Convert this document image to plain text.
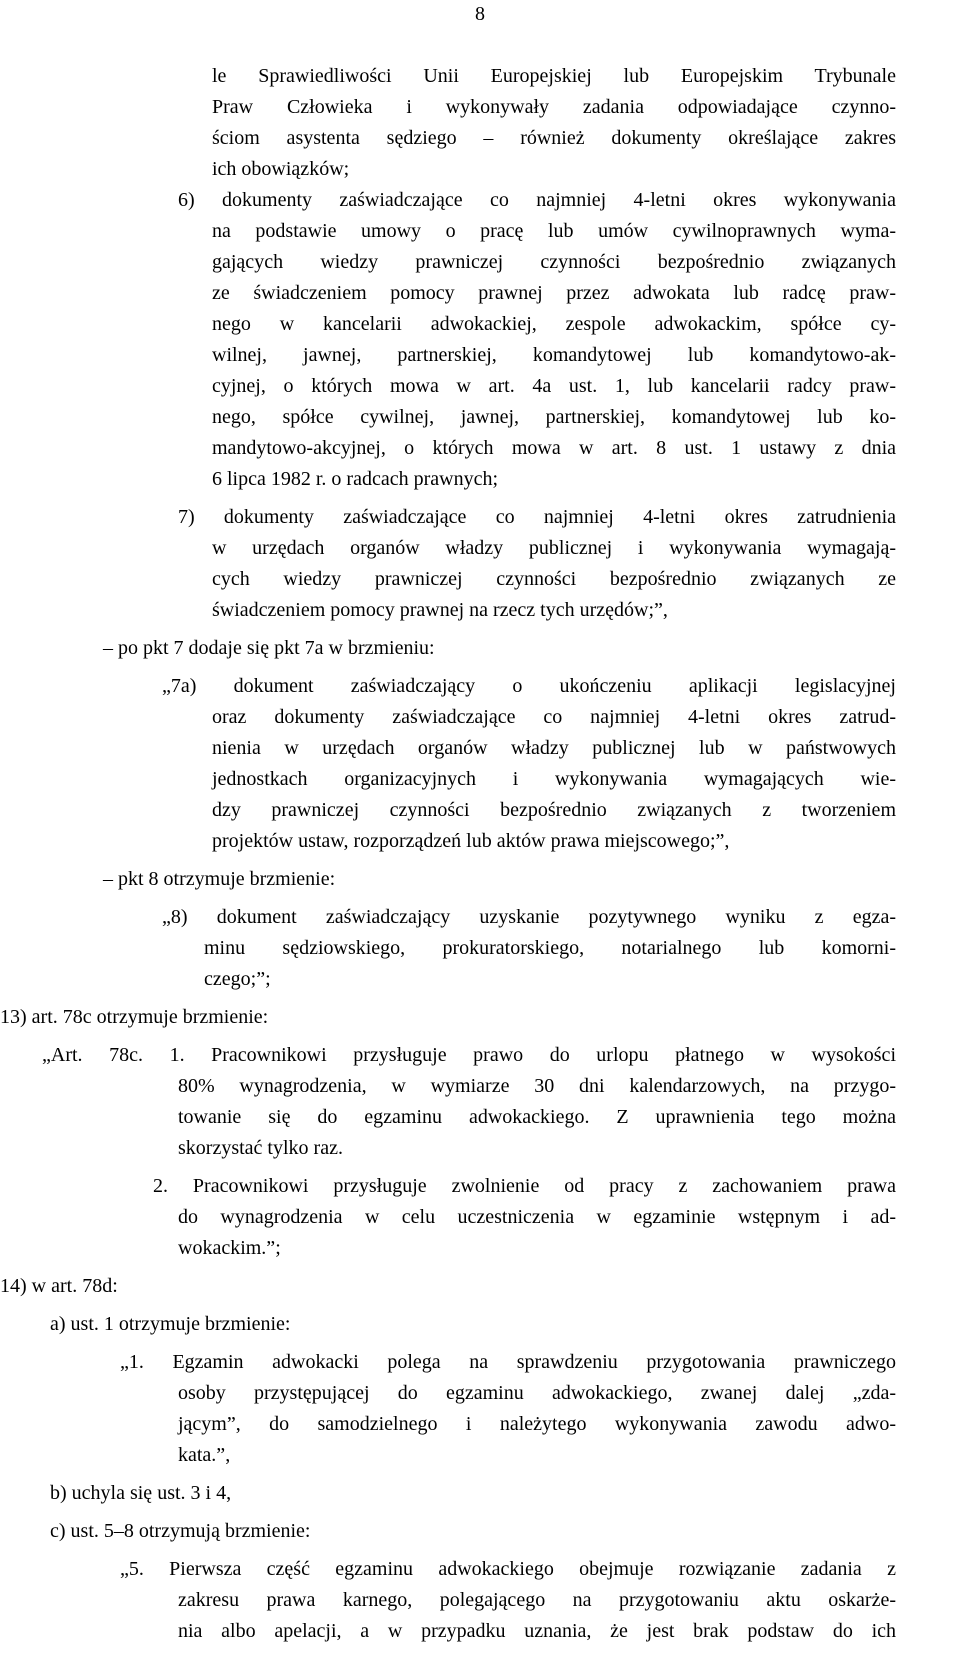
8

le Sprawiedliwości Unii Europejskiej lub Europejskim Trybunale

Praw Człowieka i wykonywały zadania odpowiadające czynno-

ściom asystenta sędziego – również dokumenty określające zakres

ich obowiązków;

6) dokumenty zaświadczające co najmniej 4-letni okres wykonywania

na podstawie umowy o pracę lub umów cywilnoprawnych wyma-

gających wiedzy prawniczej czynności bezpośrednio związanych

ze świadczeniem pomocy prawnej przez adwokata lub radcę praw-

nego w kancelarii adwokackiej, zespole adwokackim, spółce cy-

wilnej, jawnej, partnerskiej, komandytowej lub komandytowo-ak-

cyjnej, o których mowa w art. 4a ust. 1, lub kancelarii radcy praw-

nego, spółce cywilnej, jawnej, partnerskiej, komandytowej lub ko-

mandytowo-akcyjnej, o których mowa w art. 8 ust. 1 ustawy z dnia

6 lipca 1982 r. o radcach prawnych;

7) dokumenty zaświadczające co najmniej 4-letni okres zatrudnienia

w urzędach organów władzy publicznej i wykonywania wymagają-

cych wiedzy prawniczej czynności bezpośrednio związanych ze

świadczeniem pomocy prawnej na rzecz tych urzędów;”,

– po pkt 7 dodaje się pkt 7a w brzmieniu:

„7a) dokument zaświadczający o ukończeniu aplikacji legislacyjnej

oraz dokumenty zaświadczające co najmniej 4-letni okres zatrud-

nienia w urzędach organów władzy publicznej lub w państwowych

jednostkach organizacyjnych i wykonywania wymagających wie-

dzy prawniczej czynności bezpośrednio związanych z tworzeniem

projektów ustaw, rozporządzeń lub aktów prawa miejscowego;”,

– pkt 8 otrzymuje brzmienie:

„8) dokument zaświadczający uzyskanie pozytywnego wyniku z egza-

minu sędziowskiego, prokuratorskiego, notarialnego lub komorni-

czego;”;

13) art. 78c otrzymuje brzmienie:

„Art. 78c. 1. Pracownikowi przysługuje prawo do urlopu płatnego w wysokości

80% wynagrodzenia, w wymiarze 30 dni kalendarzowych, na przygo-

towanie się do egzaminu adwokackiego. Z uprawnienia tego można

skorzystać tylko raz.

2. Pracownikowi przysługuje zwolnienie od pracy z zachowaniem prawa

do wynagrodzenia w celu uczestniczenia w egzaminie wstępnym i ad-

wokackim.”;

14) w art. 78d:

a) ust. 1 otrzymuje brzmienie:

„1. Egzamin adwokacki polega na sprawdzeniu przygotowania prawniczego

osoby przystępującej do egzaminu adwokackiego, zwanej dalej „zda-

jącym”, do samodzielnego i należytego wykonywania zawodu adwo-

kata.”,

b) uchyla się ust. 3 i 4,

c) ust. 5–8 otrzymują brzmienie:

„5. Pierwsza część egzaminu adwokackiego obejmuje rozwiązanie zadania z

zakresu prawa karnego, polegającego na przygotowaniu aktu oskarże-

nia albo apelacji, a w przypadku uznania, że jest brak podstaw do ich
